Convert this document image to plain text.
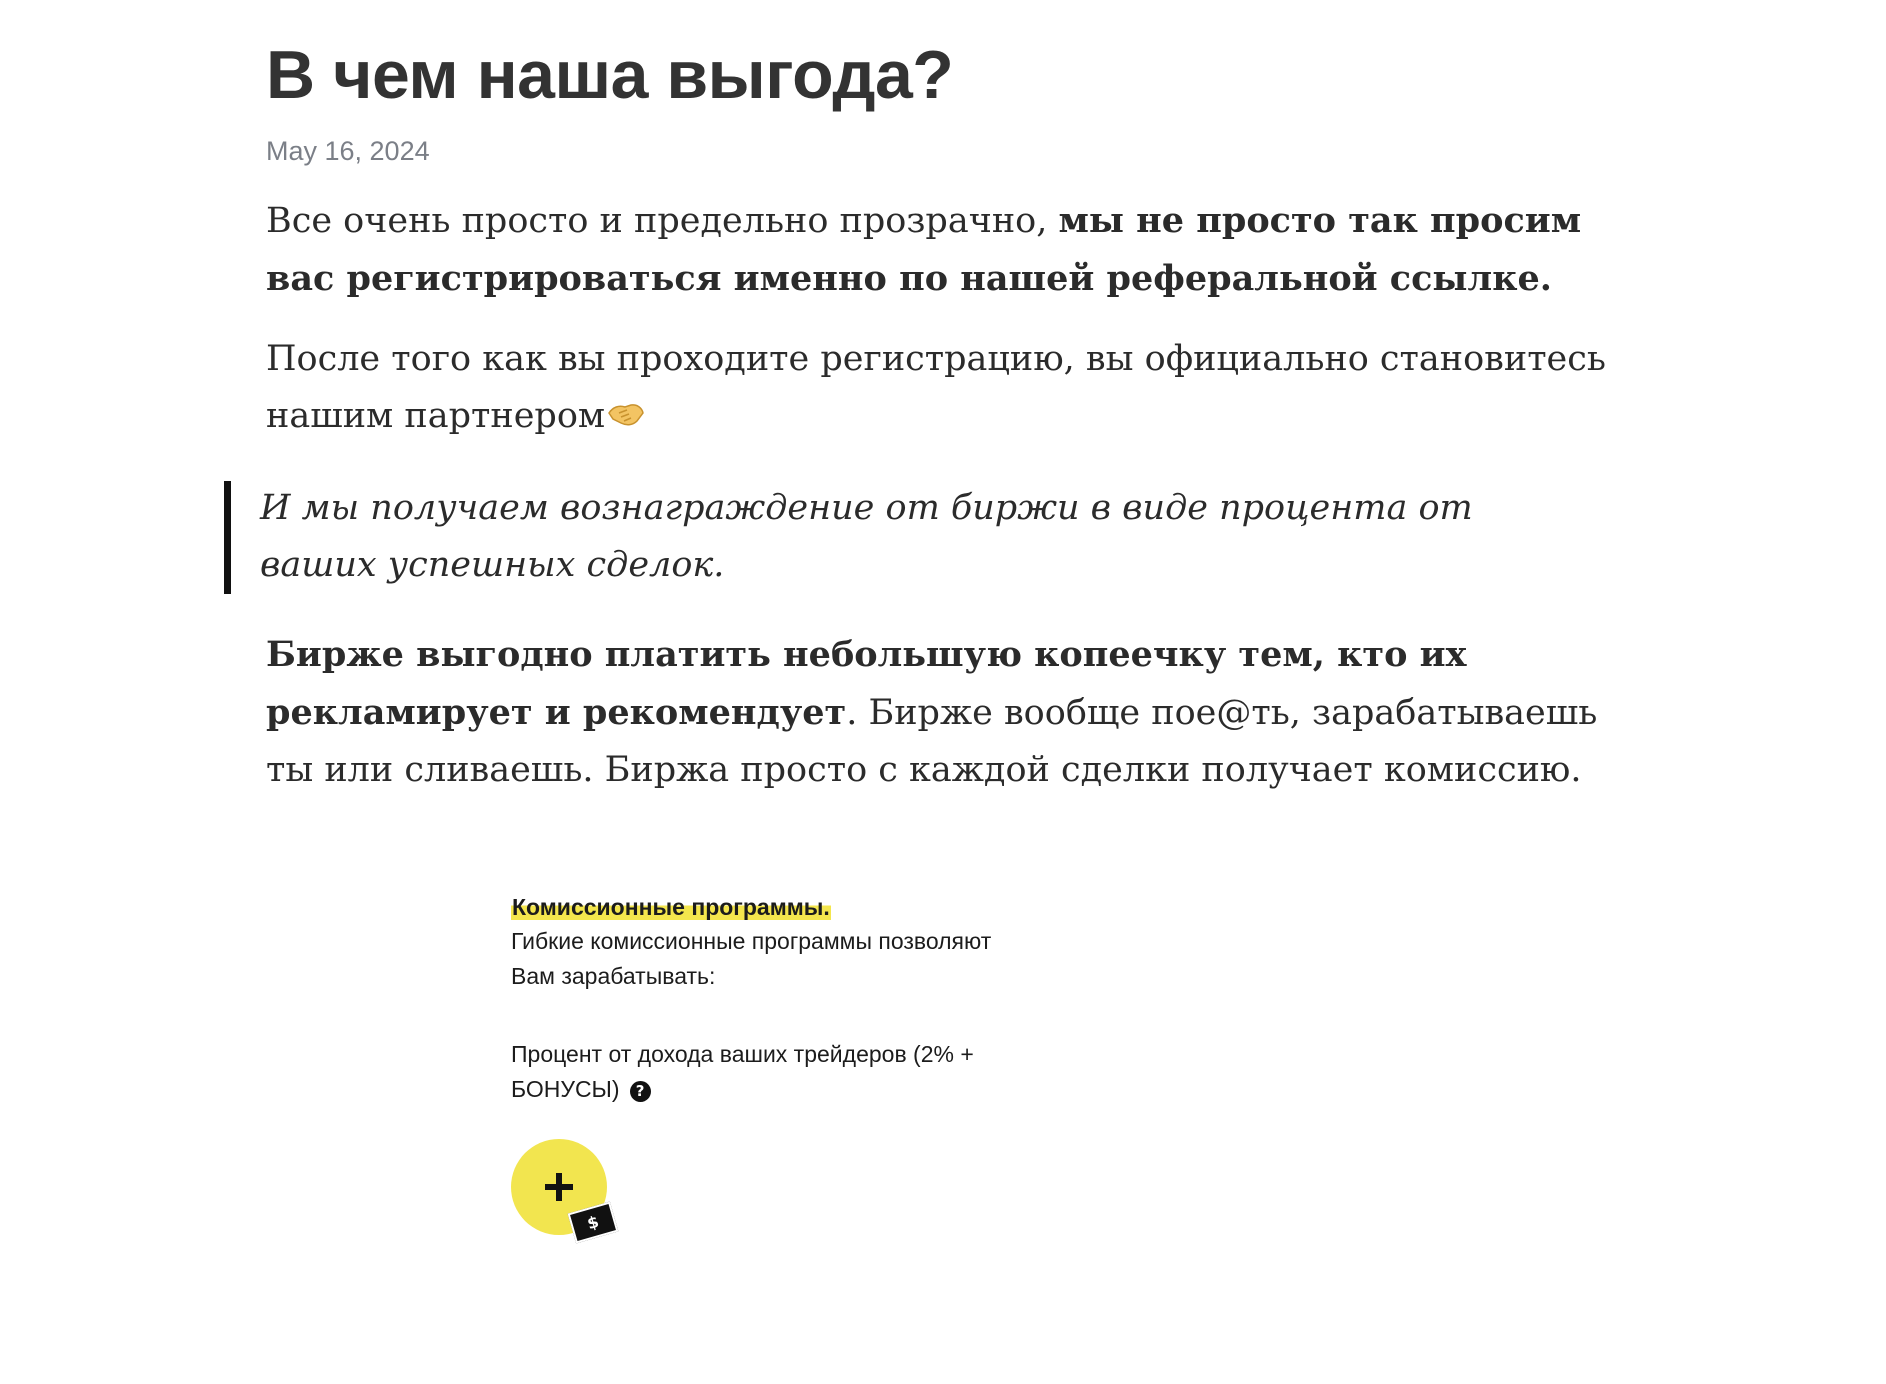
В чем наша выгода?
May 16, 2024

Все очень просто и предельно прозрачно, мы не просто так просим вас регистрироваться именно по нашей реферальной ссылке.

После того как вы проходите регистрацию, вы официально становитесь нашим партнером

И мы получаем вознаграждение от биржи в виде процента от ваших успешных сделок.

Бирже выгодно платить небольшую копеечку тем, кто их рекламирует и рекомендует. Бирже вообще пое@ть, зарабатываешь ты или сливаешь. Биржа просто с каждой сделки получает комиссию.

Комиссионные программы.
Гибкие комиссионные программы позволяют Вам зарабатывать:
Процент от дохода ваших трейдеров (2% + БОНУСЫ) ?
$
